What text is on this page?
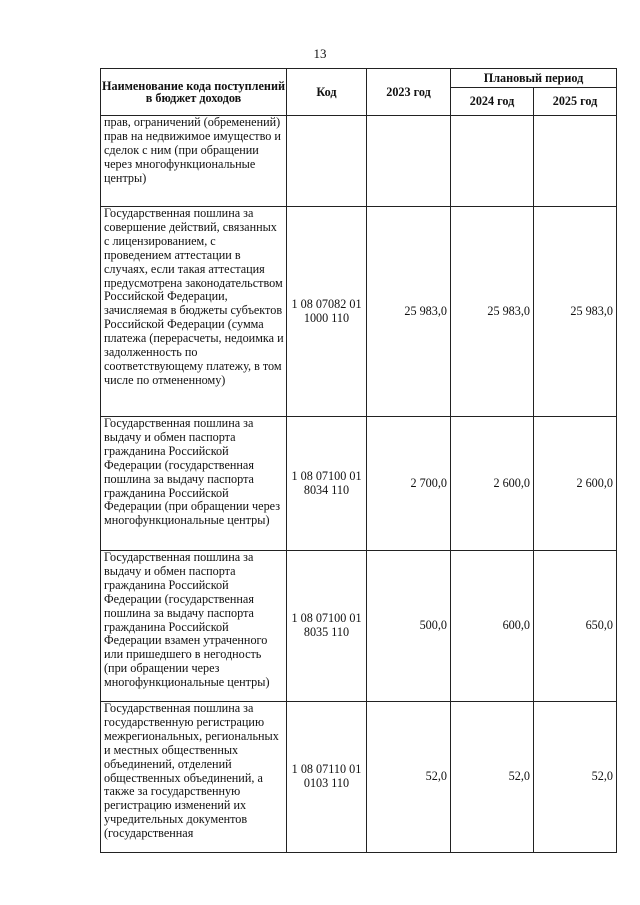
13
Наименование кода поступлений в бюджет доходов	Код	2023 год	Плановый период	
			2024 год	2025 год
прав, ограничений (обременений) прав на недвижимое имущество и сделок с ним (при обращении через многофункциональные центры)				
Государственная пошлина за совершение действий, связанных с лицензированием, с проведением аттестации в случаях, если такая аттестация предусмотрена законодательством Российской Федерации, зачисляемая в бюджеты субъектов Российской Федерации (сумма платежа (перерасчеты, недоимка и задолженность по соответствующему платежу, в том числе по отмененному)	1 08 07082 01 1000 110	25 983,0	25 983,0	25 983,0
Государственная пошлина за выдачу и обмен паспорта гражданина Российской Федерации (государственная пошлина за выдачу паспорта гражданина Российской Федерации (при обращении через многофункциональные центры)	1 08 07100 01 8034 110	2 700,0	2 600,0	2 600,0
Государственная пошлина за выдачу и обмен паспорта гражданина Российской Федерации (государственная пошлина за выдачу паспорта гражданина Российской Федерации взамен утраченного или пришедшего в негодность (при обращении через многофункциональные центры)	1 08 07100 01 8035 110	500,0	600,0	650,0
Государственная пошлина за государственную регистрацию межрегиональных, региональных и местных общественных объединений, отделений общественных объединений, а также за государственную регистрацию изменений их учредительных документов (государственная	1 08 07110 01 0103 110	52,0	52,0	52,0
